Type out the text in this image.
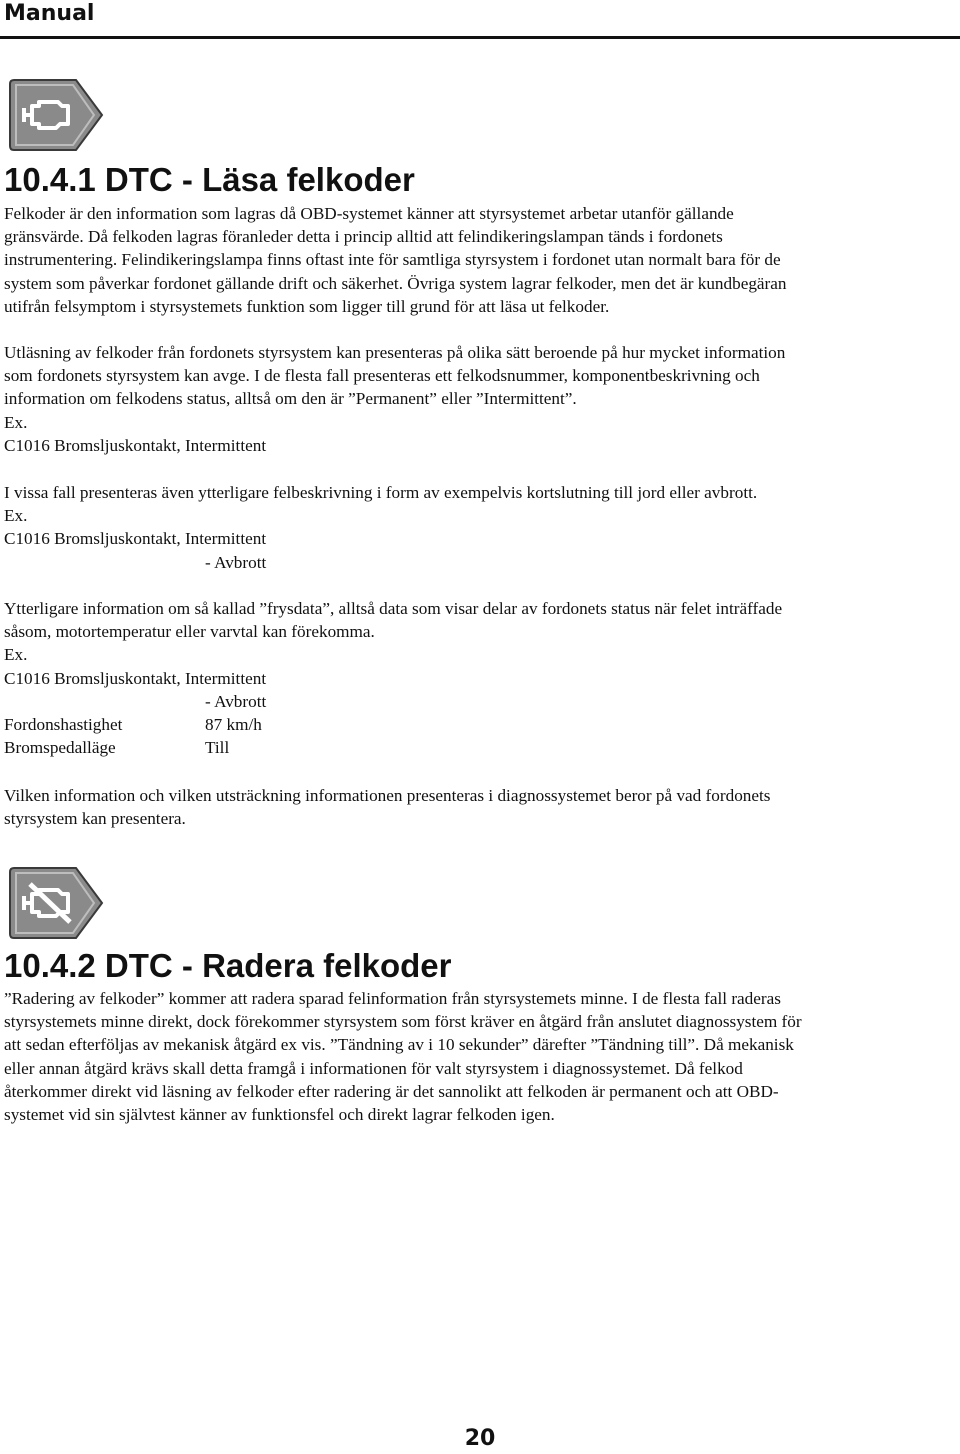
Manual
10.4.1 DTC - Läsa felkoder

Felkoder är den information som lagras då OBD-systemet känner att styrsystemet arbetar utanför gällande
gränsvärde. Då felkoden lagras föranleder detta i princip alltid att felindikeringslampan tänds i fordonets
instrumentering. Felindikeringslampa finns oftast inte för samtliga styrsystem i fordonet utan normalt bara för de
system som påverkar fordonet gällande drift och säkerhet. Övriga system lagrar felkoder, men det är kundbegäran
utifrån felsymptom i styrsystemets funktion som ligger till grund för att läsa ut felkoder.

Utläsning av felkoder från fordonets styrsystem kan presenteras på olika sätt beroende på hur mycket information
som fordonets styrsystem kan avge. I de flesta fall presenteras ett felkodsnummer, komponentbeskrivning och
information om felkodens status, alltså om den är ”Permanent” eller ”Intermittent”.
Ex.
C1016 Bromsljuskontakt, Intermittent

I vissa fall presenteras även ytterligare felbeskrivning i form av exempelvis kortslutning till jord eller avbrott.
Ex.
C1016 Bromsljuskontakt, Intermittent
- Avbrott

Ytterligare information om så kallad ”frysdata”, alltså data som visar delar av fordonets status när felet inträffade
såsom, motortemperatur eller varvtal kan förekomma.
Ex.
C1016 Bromsljuskontakt, Intermittent
- Avbrott
Fordonshastighet	87 km/h
Bromspedalläge	Till

Vilken information och vilken utsträckning informationen presenteras i diagnossystemet beror på vad fordonets
styrsystem kan presentera.

10.4.2 DTC - Radera felkoder

”Radering av felkoder” kommer att radera sparad felinformation från styrsystemets minne. I de flesta fall raderas
styrsystemets minne direkt, dock förekommer styrsystem som först kräver en åtgärd från anslutet diagnossystem för
att sedan efterföljas av mekanisk åtgärd ex vis. ”Tändning av i 10 sekunder” därefter ”Tändning till”. Då mekanisk
eller annan åtgärd krävs skall detta framgå i informationen för valt styrsystem i diagnossystemet. Då felkod
återkommer direkt vid läsning av felkoder efter radering är det sannolikt att felkoden är permanent och att OBD-
systemet vid sin självtest känner av funktionsfel och direkt lagrar felkoden igen.

20
